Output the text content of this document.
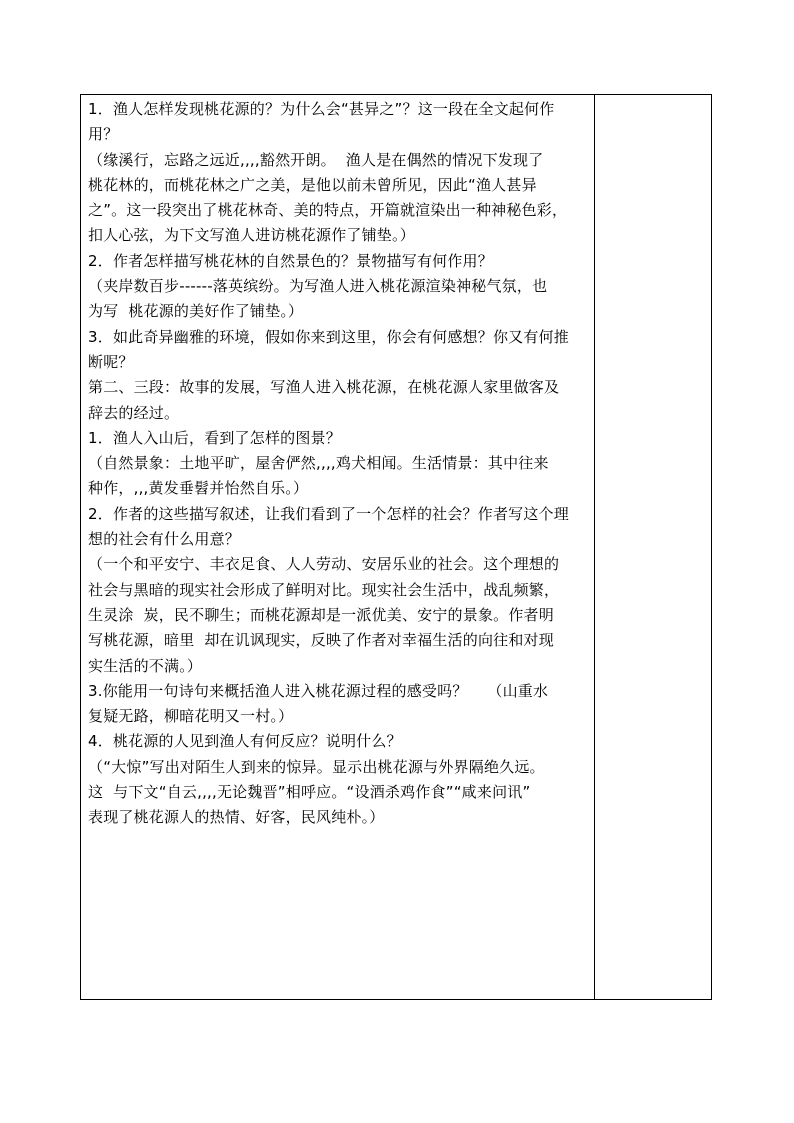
1．渔人怎样发现桃花源的？为什么会“甚异之”？这一段在全文起何作

用？

（缘溪行，忘路之远近,,,,豁然开朗。  渔人是在偶然的情况下发现了

桃花林的，而桃花林之广之美，是他以前未曾所见，因此“渔人甚异

之”。这一段突出了桃花林奇、美的特点，开篇就渲染出一种神秘色彩，

扣人心弦，为下文写渔人进访桃花源作了铺垫。）

2．作者怎样描写桃花林的自然景色的？景物描写有何作用？

（夹岸数百步------落英缤纷。为写渔人进入桃花源渲染神秘气氛，也

为写  桃花源的美好作了铺垫。）

3．如此奇异幽雅的环境，假如你来到这里，你会有何感想？你又有何推

断呢？

第二、三段：故事的发展，写渔人进入桃花源，在桃花源人家里做客及

辞去的经过。

1．渔人入山后，看到了怎样的图景？

（自然景象：土地平旷，屋舍俨然,,,,鸡犬相闻。生活情景：其中往来

种作，,,,黄发垂髫并怡然自乐。）

2．作者的这些描写叙述，让我们看到了一个怎样的社会？作者写这个理

想的社会有什么用意？

（一个和平安宁、丰衣足食、人人劳动、安居乐业的社会。这个理想的

社会与黑暗的现实社会形成了鲜明对比。现实社会生活中，战乱频繁，

生灵涂  炭，民不聊生；而桃花源却是一派优美、安宁的景象。作者明

写桃花源，暗里  却在讥讽现实，反映了作者对幸福生活的向往和对现

实生活的不满。）

3.你能用一句诗句来概括渔人进入桃花源过程的感受吗？    （山重水

复疑无路，柳暗花明又一村。）

4．桃花源的人见到渔人有何反应？说明什么？

（“大惊”写出对陌生人到来的惊异。显示出桃花源与外界隔绝久远。

这  与下文“自云,,,,无论魏晋”相呼应。“设酒杀鸡作食”“咸来问讯”

表现了桃花源人的热情、好客，民风纯朴。）
